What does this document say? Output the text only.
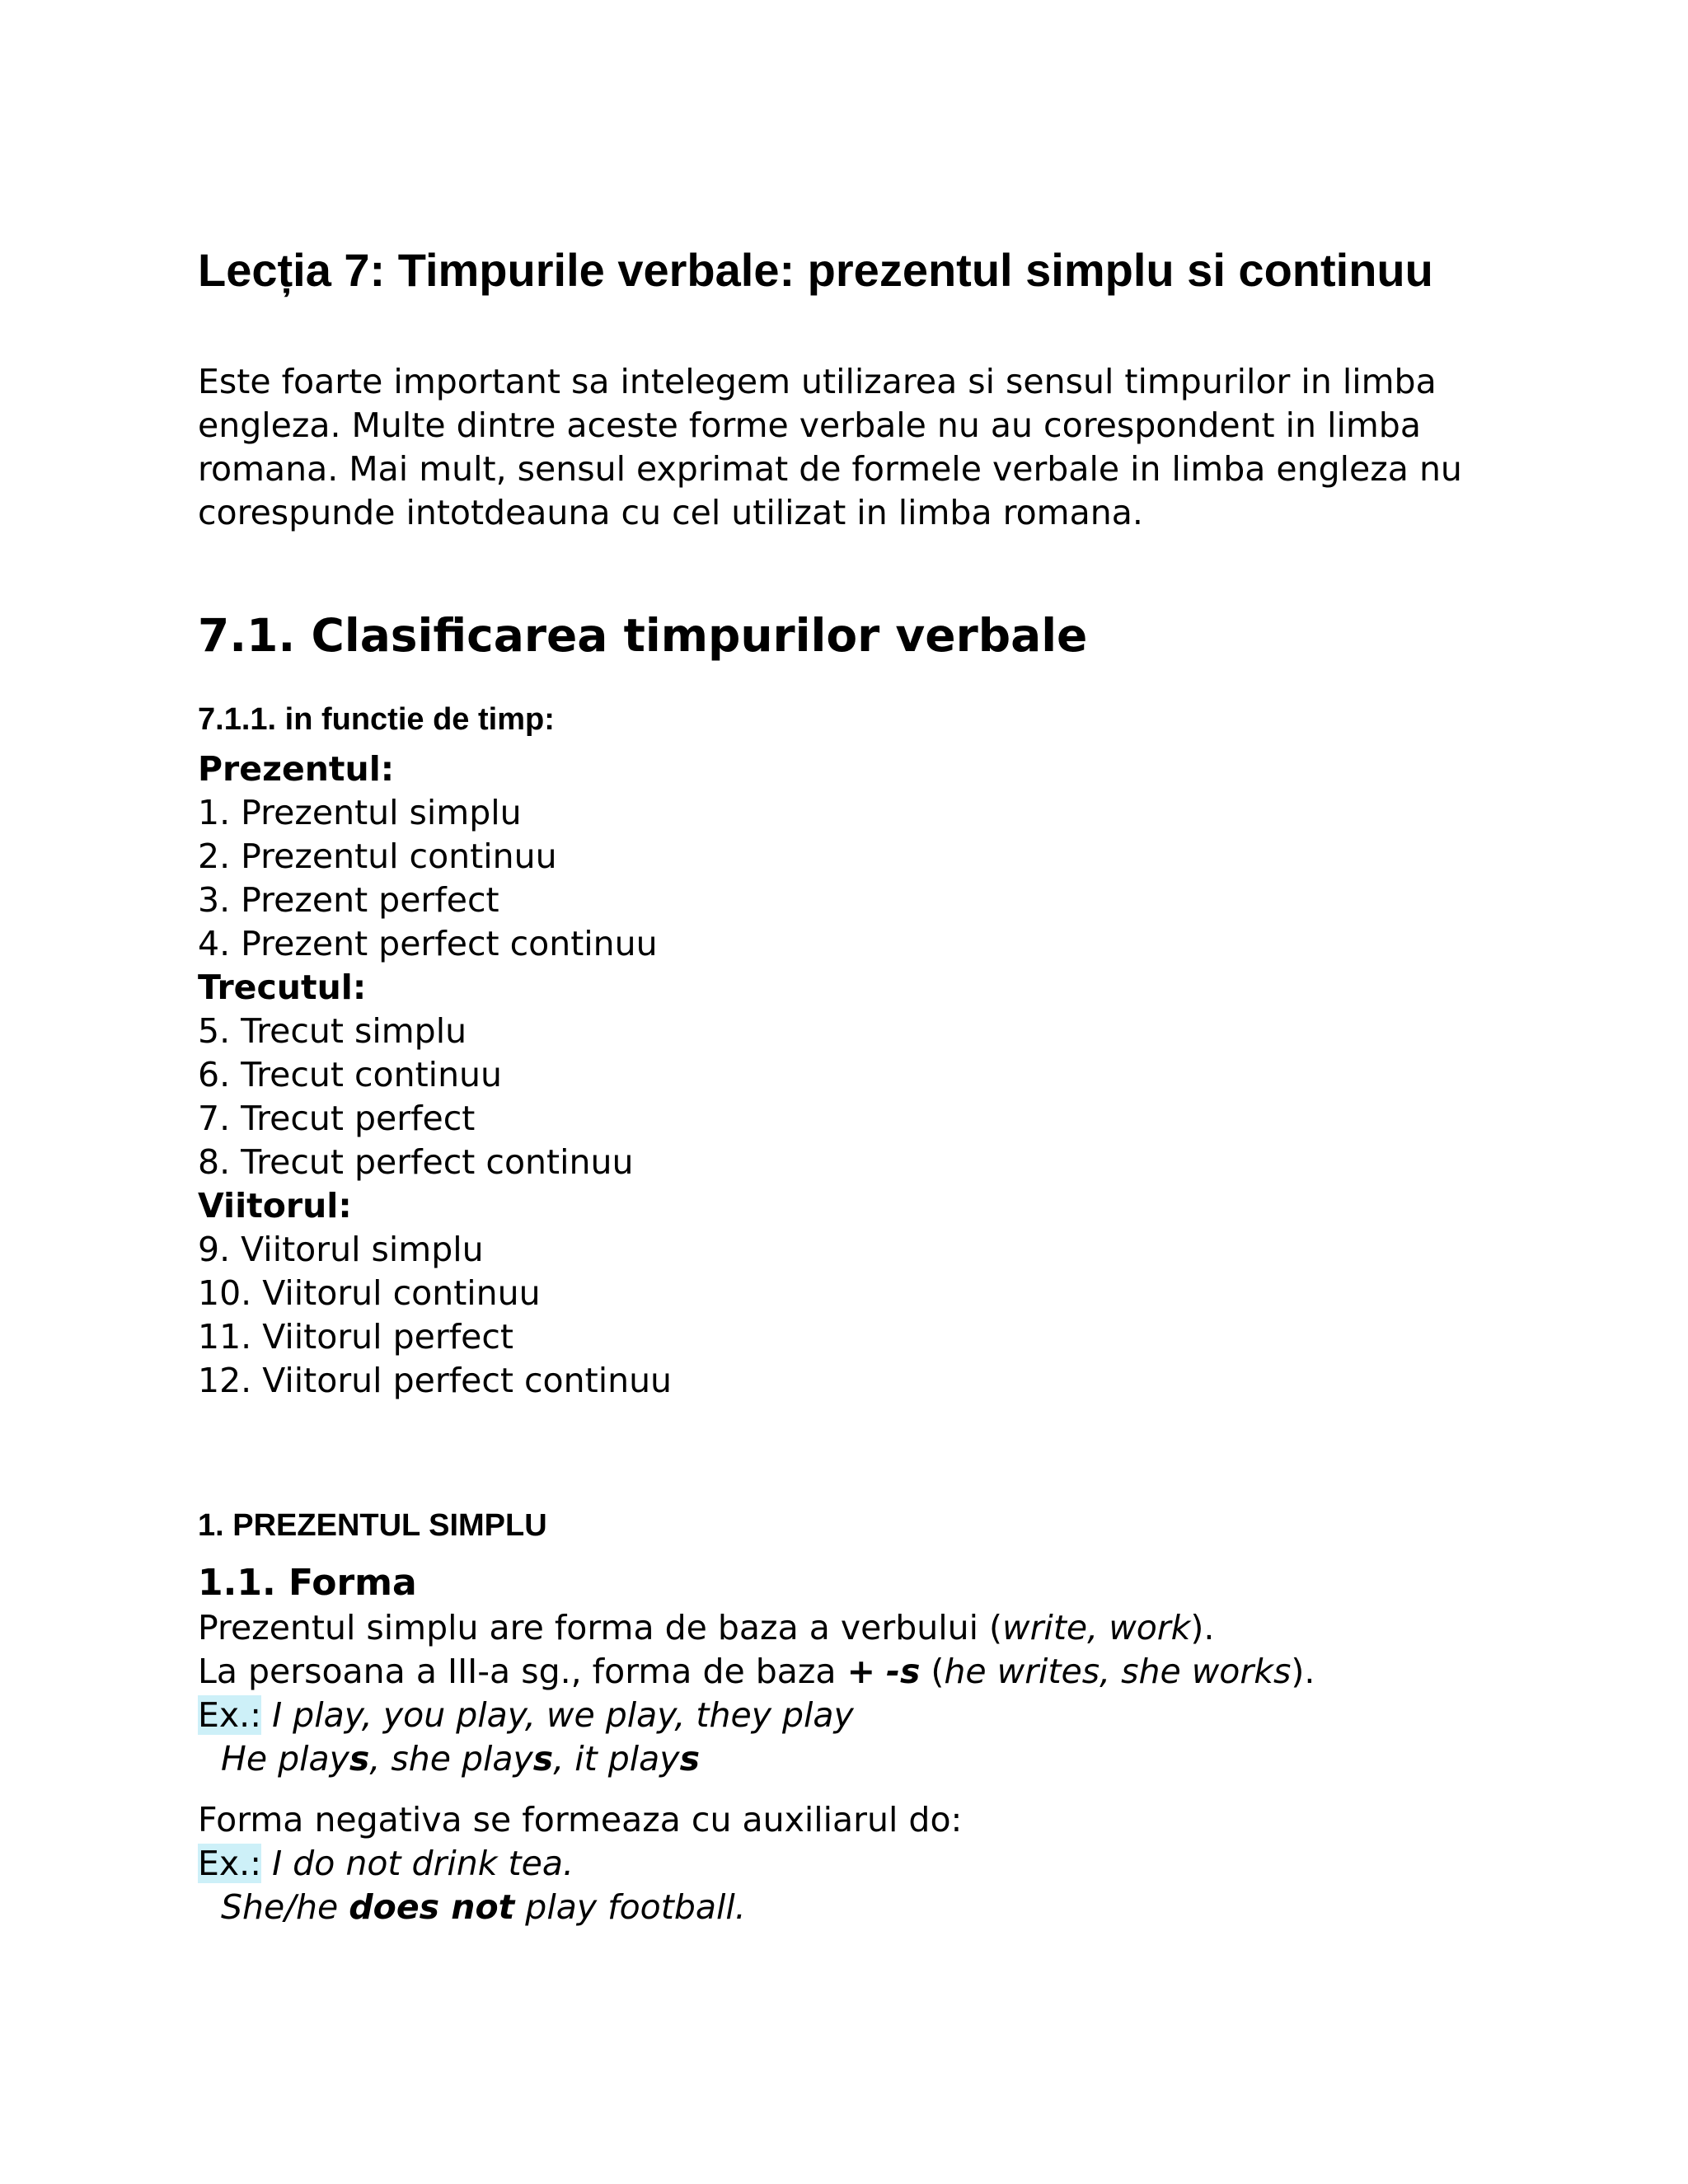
Lecția 7: Timpurile verbale: prezentul simplu si continuu
Este foarte important sa intelegem utilizarea si sensul timpurilor in limba
engleza. Multe dintre aceste forme verbale nu au corespondent in limba
romana. Mai mult, sensul exprimat de formele verbale in limba engleza nu
corespunde intotdeauna cu cel utilizat in limba romana.
7.1. Clasificarea timpurilor verbale
7.1.1. in functie de timp:
Prezentul:
1. Prezentul simplu
2. Prezentul continuu
3. Prezent perfect
4. Prezent perfect continuu
Trecutul:
5. Trecut simplu
6. Trecut continuu
7. Trecut perfect
8. Trecut perfect continuu
Viitorul:
9. Viitorul simplu
10. Viitorul continuu
11. Viitorul perfect
12. Viitorul perfect continuu
1. PREZENTUL SIMPLU
1.1. Forma
Prezentul simplu are forma de baza a verbului (write, work).
La persoana a III-a sg., forma de baza + -s (he writes, she works).
Ex.: I play, you play, we play, they play
He plays, she plays, it plays
Forma negativa se formeaza cu auxiliarul do:
Ex.: I do not drink tea.
She/he does not play football.
